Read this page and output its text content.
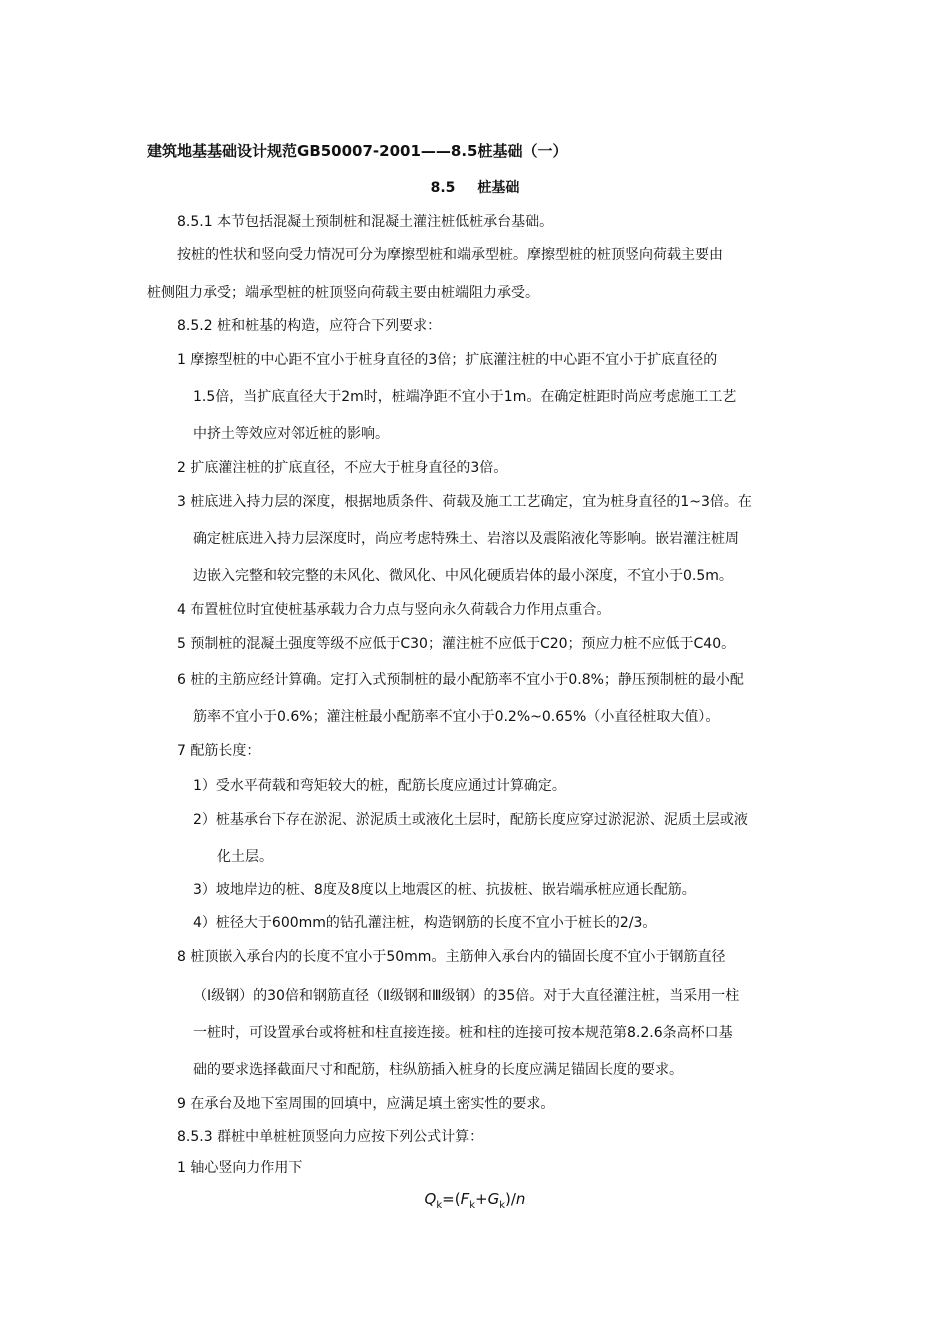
建筑地基基础设计规范GB50007-2001——8.5桩基础（一）
8.5 桩基础
8.5.1 本节包括混凝土预制桩和混凝土灌注桩低桩承台基础。
按桩的性状和竖向受力情况可分为摩擦型桩和端承型桩。摩擦型桩的桩顶竖向荷载主要由
桩侧阻力承受；端承型桩的桩顶竖向荷载主要由桩端阻力承受。
8.5.2 桩和桩基的构造，应符合下列要求：
1 摩擦型桩的中心距不宜小于桩身直径的3倍；扩底灌注桩的中心距不宜小于扩底直径的
1.5倍，当扩底直径大于2m时，桩端净距不宜小于1m。在确定桩距时尚应考虑施工工艺
中挤土等效应对邻近桩的影响。
2 扩底灌注桩的扩底直径，不应大于桩身直径的3倍。
3 桩底进入持力层的深度，根据地质条件、荷载及施工工艺确定，宜为桩身直径的1~3倍。在
确定桩底进入持力层深度时，尚应考虑特殊土、岩溶以及震陷液化等影响。嵌岩灌注桩周
边嵌入完整和较完整的未风化、微风化、中风化硬质岩体的最小深度，不宜小于0.5m。
4 布置桩位时宜使桩基承载力合力点与竖向永久荷载合力作用点重合。
5 预制桩的混凝土强度等级不应低于C30；灌注桩不应低于C20；预应力桩不应低于C40。
6 桩的主筋应经计算确。定打入式预制桩的最小配筋率不宜小于0.8%；静压预制桩的最小配
筋率不宜小于0.6%；灌注桩最小配筋率不宜小于0.2%~0.65%（小直径桩取大值）。
7 配筋长度：
1）受水平荷载和弯矩较大的桩，配筋长度应通过计算确定。
2）桩基承台下存在淤泥、淤泥质土或液化土层时，配筋长度应穿过淤泥淤、泥质土层或液
化土层。
3）坡地岸边的桩、8度及8度以上地震区的桩、抗拔桩、嵌岩端承桩应通长配筋。
4）桩径大于600mm的钻孔灌注桩，构造钢筋的长度不宜小于桩长的2/3。
8 桩顶嵌入承台内的长度不宜小于50mm。主筋伸入承台内的锚固长度不宜小于钢筋直径
（Ⅰ级钢）的30倍和钢筋直径（Ⅱ级钢和Ⅲ级钢）的35倍。对于大直径灌注桩，当采用一柱
一桩时，可设置承台或将桩和柱直接连接。桩和柱的连接可按本规范第8.2.6条高杯口基
础的要求选择截面尺寸和配筋，柱纵筋插入桩身的长度应满足锚固长度的要求。
9 在承台及地下室周围的回填中，应满足填土密实性的要求。
8.5.3 群桩中单桩桩顶竖向力应按下列公式计算：
1 轴心竖向力作用下
$Q_k=(F_k+G_k)/n$
